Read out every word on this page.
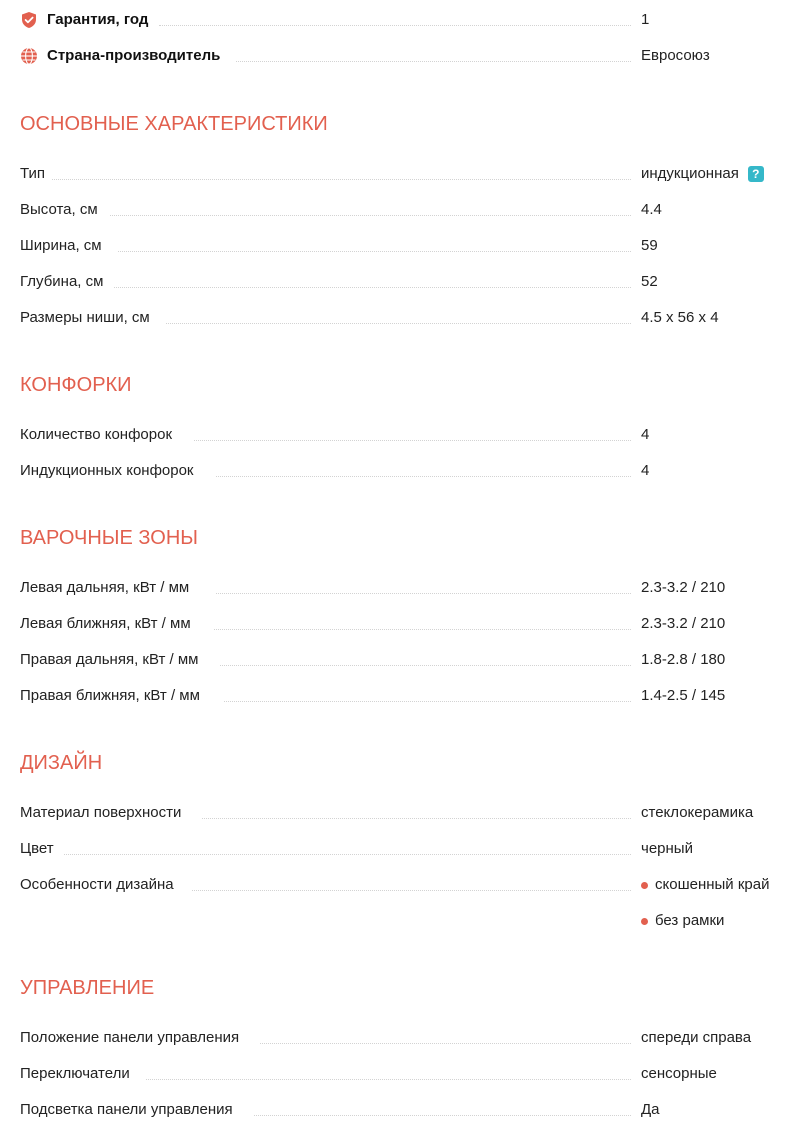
Гарантия, год	1
Страна-производитель	Евросоюз
ОСНОВНЫЕ ХАРАКТЕРИСТИКИ
Тип	индукционная	?
Высота, см	4.4
Ширина, см	59
Глубина, см	52
Размеры ниши, см	4.5 x 56 x 4
КОНФОРКИ
Количество конфорок	4
Индукционных конфорок	4
ВАРОЧНЫЕ ЗОНЫ
Левая дальняя, кВт / мм	2.3-3.2 / 210
Левая ближняя, кВт / мм	2.3-3.2 / 210
Правая дальняя, кВт / мм	1.8-2.8 / 180
Правая ближняя, кВт / мм	1.4-2.5 / 145
ДИЗАЙН
Материал поверхности	стеклокерамика
Цвет	черный
Особенности дизайна	скошенный край
без рамки
УПРАВЛЕНИЕ
Положение панели управления	спереди справа
Переключатели	сенсорные
Подсветка панели управления	Да
